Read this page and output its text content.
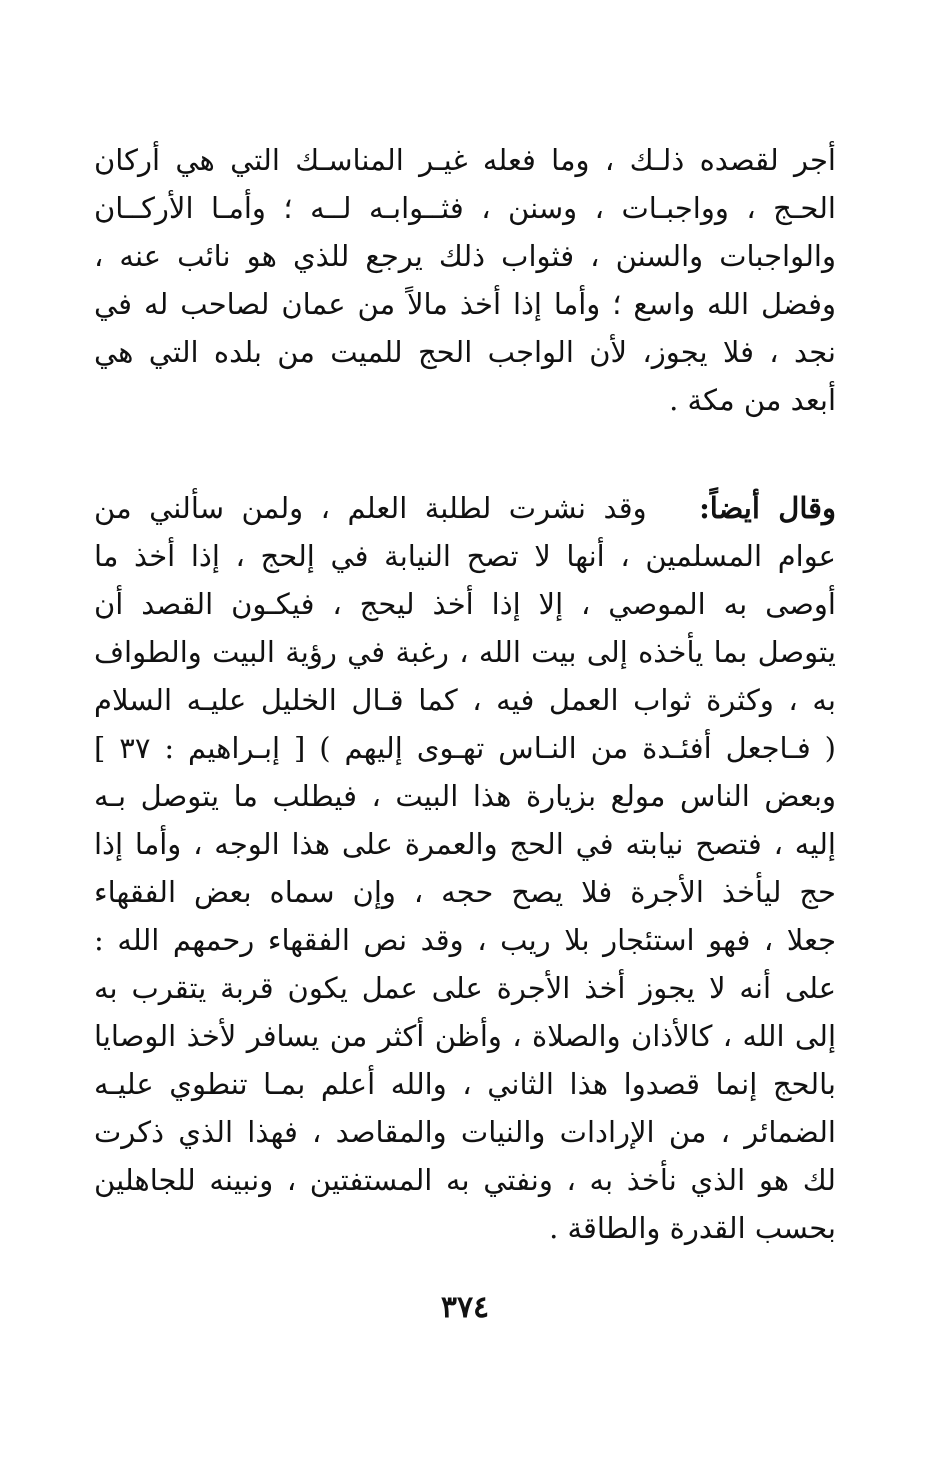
أجر لقصده ذلـك ، وما فعله غيـر المناسـك التي هي أركان
الحـج ، وواجبـات ، وسنن ، فثــوابـه لــه ؛ وأمـا الأركــان
والواجبات والسنن ، فثواب ذلك يرجع للذي هو نائب عنه ،
وفضل الله واسع ؛ وأما إذا أخذ مالاً من عمان لصاحب له في
نجد ، فلا يجوز، لأن الواجب الحج للميت من بلده التي هي
أبعد من مكة .
وقال أيضاً:   وقد نشرت لطلبة العلم ، ولمن سألني من
عوام المسلمين ، أنها لا تصح النيابة في إلحج ، إذا أخذ ما
أوصى به الموصي ، إلا إذا أخذ ليحج ، فيكـون القصد أن
يتوصل بما يأخذه إلى بيت الله ، رغبة في رؤية البيت والطواف
به ، وكثرة ثواب العمل فيه ، كما قـال الخليل عليـه السلام
( فـاجعل أفئـدة من النـاس تهـوى إليهم ) [ إبـراهيم : ٣٧ ]
وبعض الناس مولع بزيارة هذا البيت ، فيطلب ما يتوصل بـه
إليه ، فتصح نيابته في الحج والعمرة على هذا الوجه ، وأما إذا
حج ليأخذ الأجرة فلا يصح حجه ، وإن سماه بعض الفقهاء
جعلا ، فهو استئجار بلا ريب ، وقد نص الفقهاء رحمهم الله :
على أنه لا يجوز أخذ الأجرة على عمل يكون قربة يتقرب به
إلى الله ، كالأذان والصلاة ، وأظن أكثر من يسافر لأخذ الوصايا
بالحج إنما قصدوا هذا الثاني ، والله أعلم بمـا تنطوي عليـه
الضمائر ، من الإرادات والنيات والمقاصد ، فهذا الذي ذكرت
لك هو الذي نأخذ به ، ونفتي به المستفتين ، ونبينه للجاهلين
بحسب القدرة والطاقة .
٣٧٤
